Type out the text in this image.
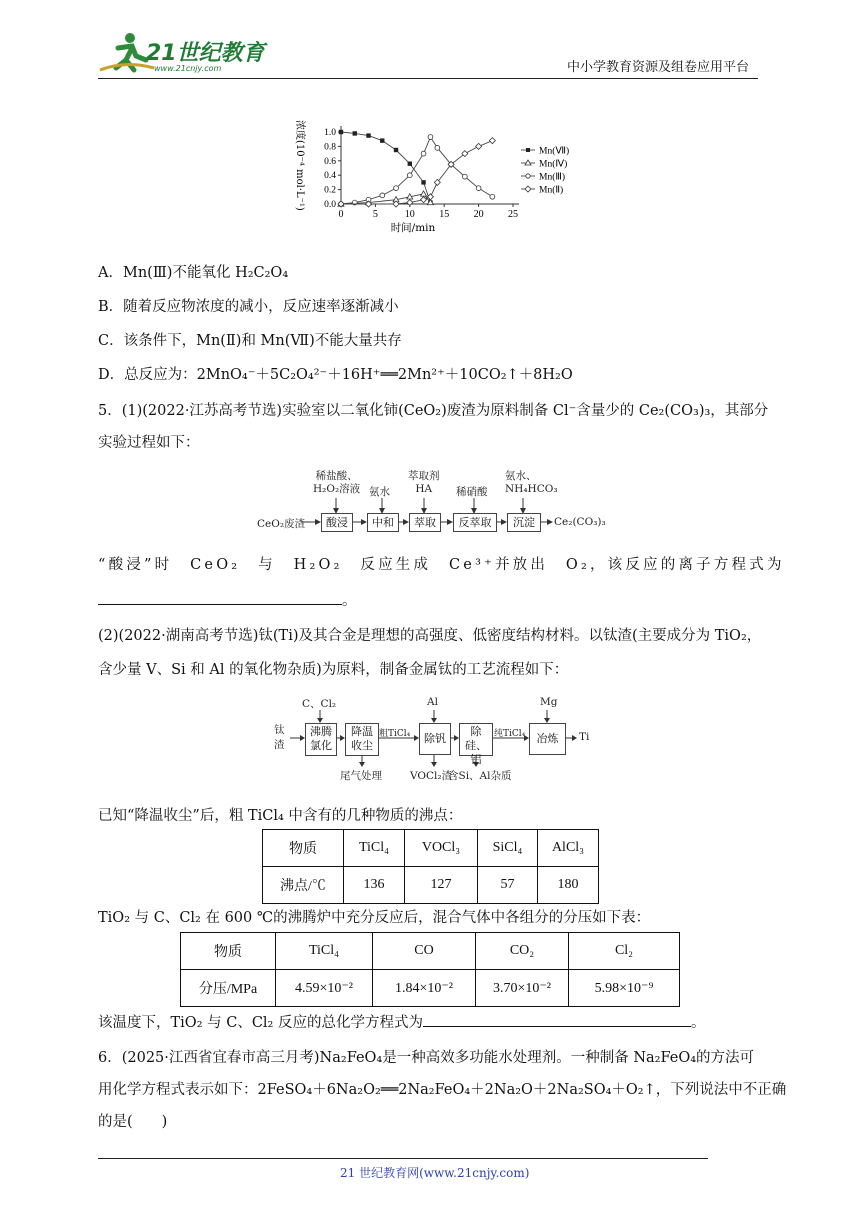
21世纪教育
www.21cnjy.com	中小学教育资源及组卷应用平台
0	5	10 15 20 25
0.0
0.2
0.4
0.6
0.8
1.0
时间/min
浓度(10⁻⁴ mol·L⁻¹)	Mn(Ⅶ)
Mn(Ⅳ)
Mn(Ⅲ)
Mn(Ⅱ)
A．Mn(Ⅲ)不能氧化 H₂C₂O₄
B．随着反应物浓度的减小，反应速率逐渐减小
C．该条件下，Mn(Ⅱ)和 Mn(Ⅶ)不能大量共存
D．总反应为：2MnO₄⁻＋5C₂O₄²⁻＋16H⁺══2Mn²⁺＋10CO₂↑＋8H₂O
5．(1)(2022·江苏高考节选)实验室以二氧化铈(CeO₂)废渣为原料制备 Cl⁻含量少的 Ce₂(CO₃)₃，其部分
实验过程如下：
CeO₂废渣	酸浸	中和	萃取	反萃取	沉淀	Ce₂(CO₃)₃
稀盐酸、
H₂O₂溶液 氨水
萃取剂
HA	稀硝酸
氨水、
NH₄HCO₃
“酸浸”时 CeO₂ 与 H₂O₂ 反应生成 Ce³⁺并放出 O₂，该反应的离子方程式为
。
(2)(2022·湖南高考节选)钛(Ti)及其合金是理想的高强度、低密度结构材料。以钛渣(主要成分为 TiO₂，
含少量 V、Si 和 Al 的氧化物杂质)为原料，制备金属钛的工艺流程如下：
钛渣
沸腾氯化
降温收尘
除钒
除硅、铝
冶炼	Ti
C、Cl₂	Al	Mg
粗TiCl₄	纯TiCl₄
尾气处理	VOCl₂渣
含Si、Al杂质
已知“降温收尘”后，粗 TiCl₄ 中含有的几种物质的沸点：
物质	TiCl₄	VOCl₃	SiCl₄	AlCl₃
沸点/℃	136	127	57	180
TiO₂ 与 C、Cl₂ 在 600 ℃的沸腾炉中充分反应后，混合气体中各组分的分压如下表：
物质	TiCl₄	CO	CO₂	Cl₂
分压/MPa	4.59×10⁻²	1.84×10⁻²	3.70×10⁻²	5.98×10⁻⁹
该温度下，TiO₂ 与 C、Cl₂ 反应的总化学方程式为	。
6．(2025·江西省宜春市高三月考)Na₂FeO₄是一种高效多功能水处理剂。一种制备 Na₂FeO₄的方法可
用化学方程式表示如下：2FeSO₄＋6Na₂O₂══2Na₂FeO₄＋2Na₂O＋2Na₂SO₄＋O₂↑，下列说法中不正确
的是(　　)
21 世纪教育网(www.21cnjy.com)
